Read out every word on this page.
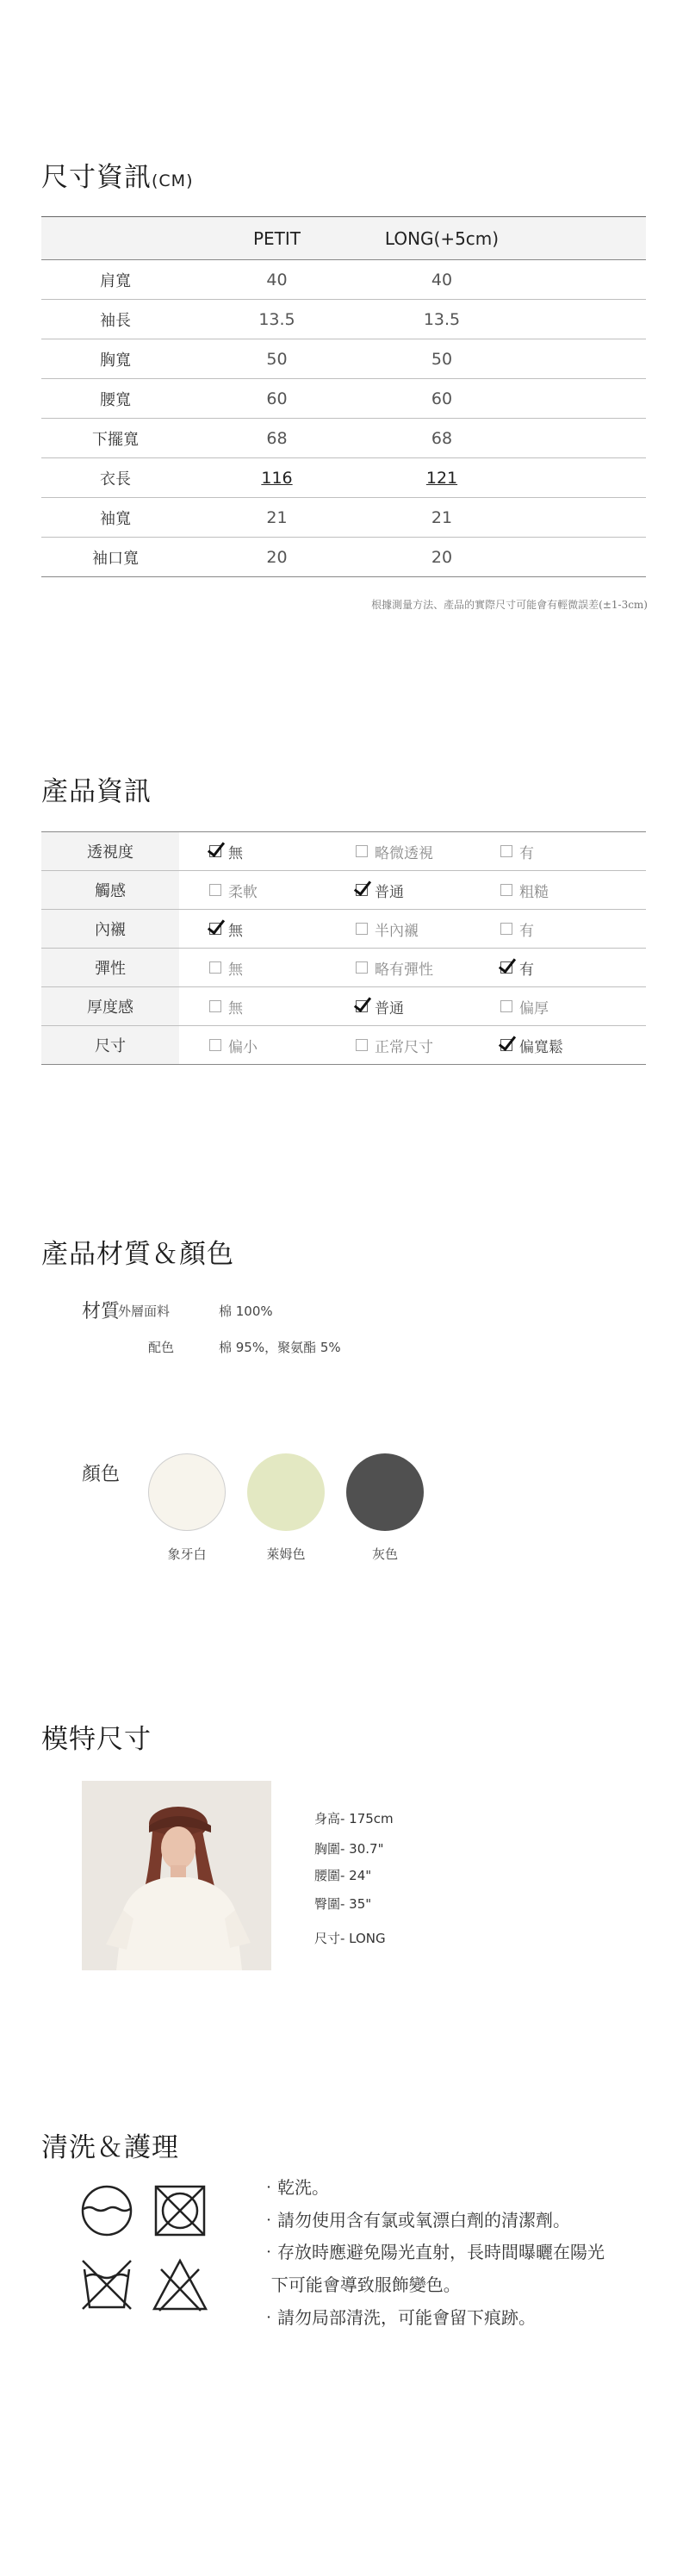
尺寸資訊(CM)
PETIT	LONG(+5cm)
肩寬	40	40
袖長	13.5	13.5
胸寬	50	50
腰寬	60	60
下擺寬	68	68
衣長	116	121
袖寬	21	21
袖口寬	20	20
根據測量方法、產品的實際尺寸可能會有輕微誤差(±1-3cm)
產品資訊
透視度	無	略微透視	有
觸感	柔軟	普通	粗糙
內襯	無	半內襯	有
彈性	無	略有彈性	有
厚度感	無	普通	偏厚
尺寸	偏小	正常尺寸	偏寬鬆
產品材質＆顏色
材質
外層面料	棉 100%
配色	棉 95%，聚氨酯 5%
顏色
象牙白	萊姆色	灰色
模特尺寸
身高- 175cm
胸圍- 30.7"
腰圍- 24"
臀圍- 35"
尺寸- LONG
清洗＆護理
‧乾洗。
‧請勿使用含有氯或氧漂白劑的清潔劑。
‧存放時應避免陽光直射，長時間曝曬在陽光
下可能會導致服飾變色。
‧請勿局部清洗，可能會留下痕跡。
